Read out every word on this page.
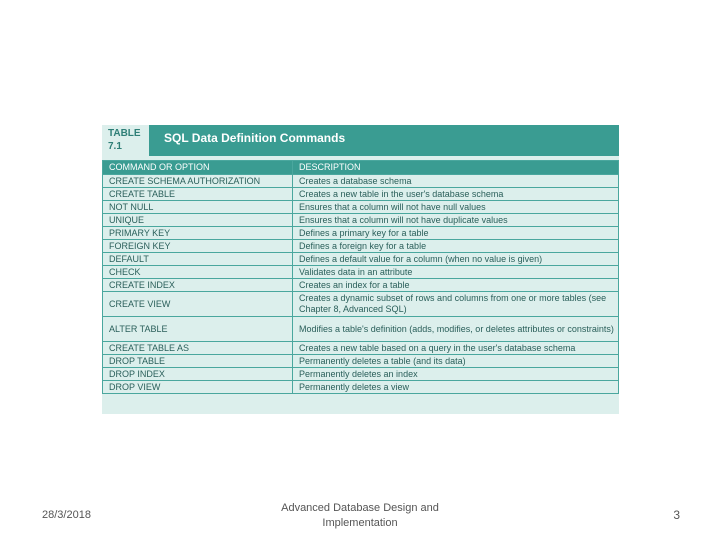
TABLE
7.1
SQL Data Definition Commands
COMMAND OR OPTION	DESCRIPTION
CREATE SCHEMA AUTHORIZATION	Creates a database schema
CREATE TABLE	Creates a new table in the user's database schema
NOT NULL	Ensures that a column will not have null values
UNIQUE	Ensures that a column will not have duplicate values
PRIMARY KEY	Defines a primary key for a table
FOREIGN KEY	Defines a foreign key for a table
DEFAULT	Defines a default value for a column (when no value is given)
CHECK	Validates data in an attribute
CREATE INDEX	Creates an index for a table
CREATE VIEW	Creates a dynamic subset of rows and columns from one or more tables (see Chapter 8, Advanced SQL)
ALTER TABLE	Modifies a table's definition (adds, modifies, or deletes attributes or constraints)
CREATE TABLE AS	Creates a new table based on a query in the user's database schema
DROP TABLE	Permanently deletes a table (and its data)
DROP INDEX	Permanently deletes an index
DROP VIEW	Permanently deletes a view
28/3/2018
Advanced Database Design and Implementation
3
